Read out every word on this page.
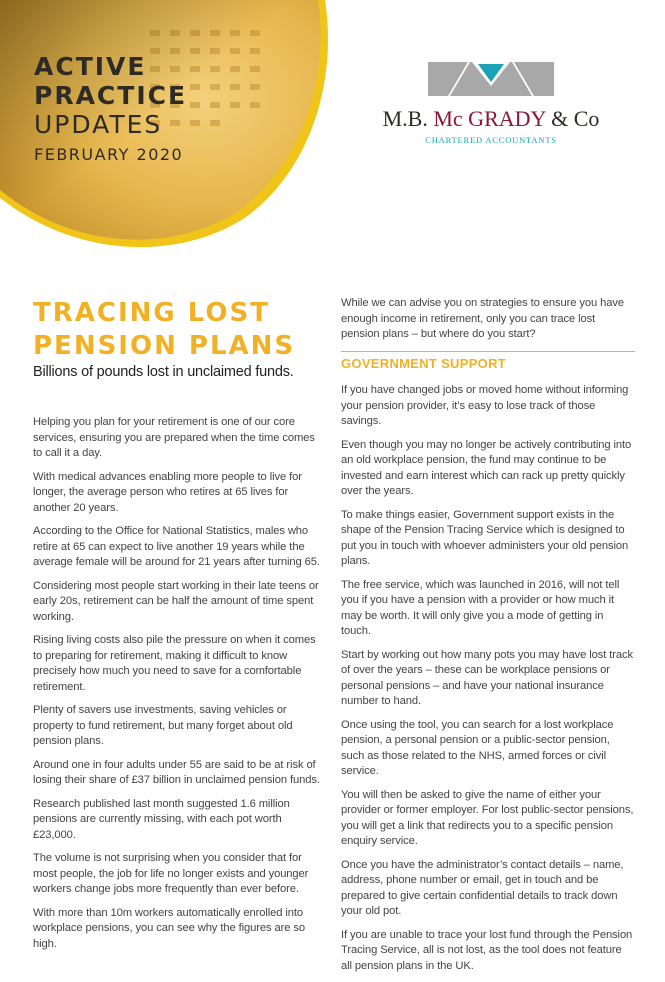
ACTIVE
PRACTICE
UPDATES
FEBRUARY 2020
M.B. Mc GRADY & Co
CHARTERED ACCOUNTANTS
TRACING LOST PENSION PLANS
Billions of pounds lost in unclaimed funds.

Helping you plan for your retirement is one of our core services, ensuring you are prepared when the time comes to call it a day.

With medical advances enabling more people to live for longer, the average person who retires at 65 lives for another 20 years.

According to the Office for National Statistics, males who retire at 65 can expect to live another 19 years while the average female will be around for 21 years after turning 65.

Considering most people start working in their late teens or early 20s, retirement can be half the amount of time spent working.

Rising living costs also pile the pressure on when it comes to preparing for retirement, making it difficult to know precisely how much you need to save for a comfortable retirement.

Plenty of savers use investments, saving vehicles or property to fund retirement, but many forget about old pension plans.

Around one in four adults under 55 are said to be at risk of losing their share of £37 billion in unclaimed pension funds.

Research published last month suggested 1.6 million pensions are currently missing, with each pot worth £23,000.

The volume is not surprising when you consider that for most people, the job for life no longer exists and younger workers change jobs more frequently than ever before.

With more than 10m workers automatically enrolled into workplace pensions, you can see why the figures are so high.

While we can advise you on strategies to ensure you have enough income in retirement, only you can trace lost pension plans – but where do you start?

GOVERNMENT SUPPORT

If you have changed jobs or moved home without informing your pension provider, it’s easy to lose track of those savings.

Even though you may no longer be actively contributing into an old workplace pension, the fund may continue to be invested and earn interest which can rack up pretty quickly over the years.

To make things easier, Government support exists in the shape of the Pension Tracing Service which is designed to put you in touch with whoever administers your old pension plans.

The free service, which was launched in 2016, will not tell you if you have a pension with a provider or how much it may be worth. It will only give you a mode of getting in touch.

Start by working out how many pots you may have lost track of over the years – these can be workplace pensions or personal pensions – and have your national insurance number to hand.

Once using the tool, you can search for a lost workplace pension, a personal pension or a public-sector pension, such as those related to the NHS, armed forces or civil service.

You will then be asked to give the name of either your provider or former employer. For lost public-sector pensions, you will get a link that redirects you to a specific pension enquiry service.

Once you have the administrator’s contact details – name, address, phone number or email, get in touch and be prepared to give certain confidential details to track down your old pot.

If you are unable to trace your lost fund through the Pension Tracing Service, all is not lost, as the tool does not feature all pension plans in the UK.
